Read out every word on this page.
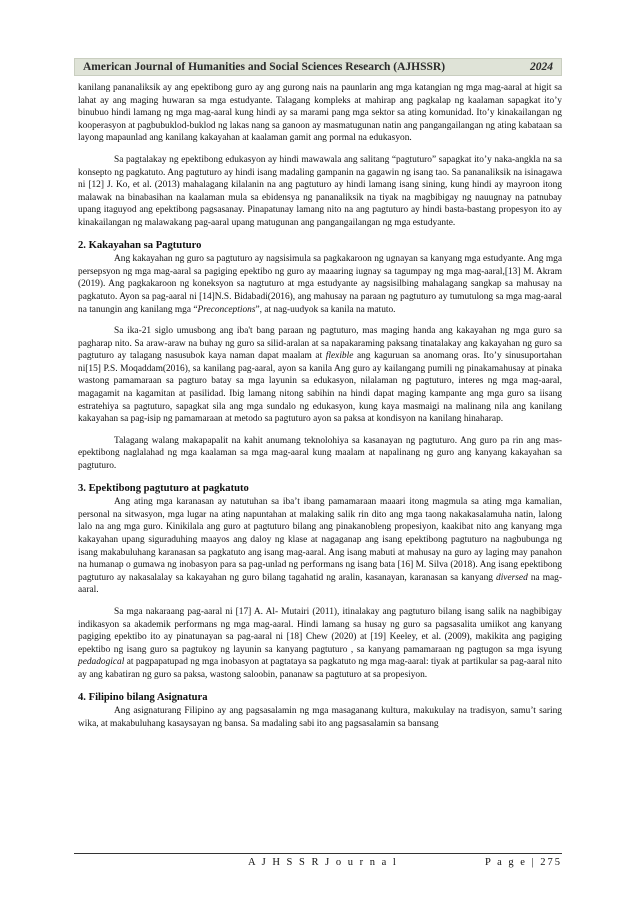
American Journal of Humanities and Social Sciences Research (AJHSSR)	2024

kanilang pananaliksik ay ang epektibong guro ay ang gurong nais na paunlarin ang mga katangian ng mga mag-aaral at higit sa lahat ay ang maging huwaran sa mga estudyante. Talagang kompleks at mahirap ang pagkalap ng kaalaman sapagkat ito’y binubuo hindi lamang ng mga mag-aaral kung hindi ay sa marami pang mga sektor sa ating komunidad. Ito’y kinakailangan ng kooperasyon at pagbubuklod-buklod ng lakas nang sa ganoon ay masmatugunan natin ang pangangailangan ng ating kabataan sa layong mapaunlad ang kanilang kakayahan at kaalaman gamit ang pormal na edukasyon.

Sa pagtalakay ng epektibong edukasyon ay hindi mawawala ang salitang “pagtuturo” sapagkat ito’y naka-angkla na sa konsepto ng pagkatuto. Ang pagtuturo ay hindi isang madaling gampanin na gagawin ng isang tao. Sa pananaliksik na isinagawa ni [12] J. Ko, et al. (2013) mahalagang kilalanin na ang pagtuturo ay hindi lamang isang sining, kung hindi ay mayroon itong malawak na binabasihan na kaalaman mula sa ebidensya ng pananaliksik na tiyak na magbibigay ng nauugnay na patnubay upang itaguyod ang epektibong pagsasanay. Pinapatunay lamang nito na ang pagtuturo ay hindi basta-bastang propesyon ito ay kinakailangan ng malawakang pag-aaral upang matugunan ang pangangailangan ng mga estudyante.

2. Kakayahan sa Pagtuturo

Ang kakayahan ng guro sa pagtuturo ay nagsisimula sa pagkakaroon ng ugnayan sa kanyang mga estudyante. Ang mga persepsyon ng mga mag-aaral sa pagiging epektibo ng guro ay maaaring iugnay sa tagumpay ng mga mag-aaral,[13] M. Akram (2019). Ang pagkakaroon ng koneksyon sa nagtuturo at mga estudyante ay nagsisilbing mahalagang sangkap sa mahusay na pagkatuto. Ayon sa pag-aaral ni [14]N.S. Bidabadi(2016), ang mahusay na paraan ng pagtuturo ay tumutulong sa mga mag-aaral na tanungin ang kanilang mga “Preconceptions”, at nag-uudyok sa kanila na matuto.

Sa ika-21 siglo umusbong ang iba't bang paraan ng pagtuturo, mas maging handa ang kakayahan ng mga guro sa pagharap nito. Sa araw-araw na buhay ng guro sa silid-aralan at sa napakaraming paksang tinatalakay ang kakayahan ng guro sa pagtuturo ay talagang nasusubok kaya naman dapat maalam at flexible ang kaguruan sa anomang oras. Ito’y sinusuportahan ni[15] P.S. Moqaddam(2016), sa kanilang pag-aaral, ayon sa kanila Ang guro ay kailangang pumili ng pinakamahusay at pinaka wastong pamamaraan sa pagturo batay sa mga layunin sa edukasyon, nilalaman ng pagtuturo, interes ng mga mag-aaral, magagamit na kagamitan at pasilidad. Ibig lamang nitong sabihin na hindi dapat maging kampante ang mga guro sa iisang estratehiya sa pagtuturo, sapagkat sila ang mga sundalo ng edukasyon, kung kaya masmaigi na malinang nila ang kanilang kakayahan sa pag-isip ng pamamaraan at metodo sa pagtuturo ayon sa paksa at kondisyon na kanilang hinaharap.

Talagang walang makapapalit na kahit anumang teknolohiya sa kasanayan ng pagtuturo. Ang guro pa rin ang mas-epektibong naglalahad ng mga kaalaman sa mga mag-aaral kung maalam at napalinang ng guro ang kanyang kakayahan sa pagtuturo.

3. Epektibong pagtuturo at pagkatuto

Ang ating mga karanasan ay natutuhan sa iba’t ibang pamamaraan maaari itong magmula sa ating mga kamalian, personal na sitwasyon, mga lugar na ating napuntahan at malaking salik rin dito ang mga taong nakakasalamuha natin, lalong lalo na ang mga guro. Kinikilala ang guro at pagtuturo bilang ang pinakanobleng propesiyon, kaakibat nito ang kanyang mga kakayahan upang siguraduhing maayos ang daloy ng klase at nagaganap ang isang epektibong pagtuturo na nagbubunga ng isang makabuluhang karanasan sa pagkatuto ang isang mag-aaral. Ang isang mabuti at mahusay na guro ay laging may panahon na humanap o gumawa ng inobasyon para sa pag-unlad ng performans ng isang bata [16] M. Silva (2018). Ang isang epektibong pagtuturo ay nakasalalay sa kakayahan ng guro bilang tagahatid ng aralin, kasanayan, karanasan sa kanyang diversed na mag-aaral.

Sa mga nakaraang pag-aaral ni [17] A. Al- Mutairi (2011), itinalakay ang pagtuturo bilang isang salik na nagbibigay indikasyon sa akademik performans ng mga mag-aaral. Hindi lamang sa husay ng guro sa pagsasalita umiikot ang kanyang pagiging epektibo ito ay pinatunayan sa pag-aaral ni [18] Chew (2020) at [19] Keeley, et al. (2009), makikita ang pagiging epektibo ng isang guro sa pagtukoy ng layunin sa kanyang pagtuturo , sa kanyang pamamaraan ng pagtugon sa mga isyung pedadogical at pagpapatupad ng mga inobasyon at pagtataya sa pagkatuto ng mga mag-aaral: tiyak at partikular sa pag-aaral nito ay ang kabatiran ng guro sa paksa, wastong saloobin, pananaw sa pagtuturo at sa propesiyon.

4. Filipino bilang Asignatura

Ang asignaturang Filipino ay ang pagsasalamin ng mga masaganang kultura, makukulay na tradisyon, samu’t saring wika, at makabuluhang kasaysayan ng bansa. Sa madaling sabi ito ang pagsasalamin sa bansang

A J H S S R J o u r n a l	P a g e | 275
